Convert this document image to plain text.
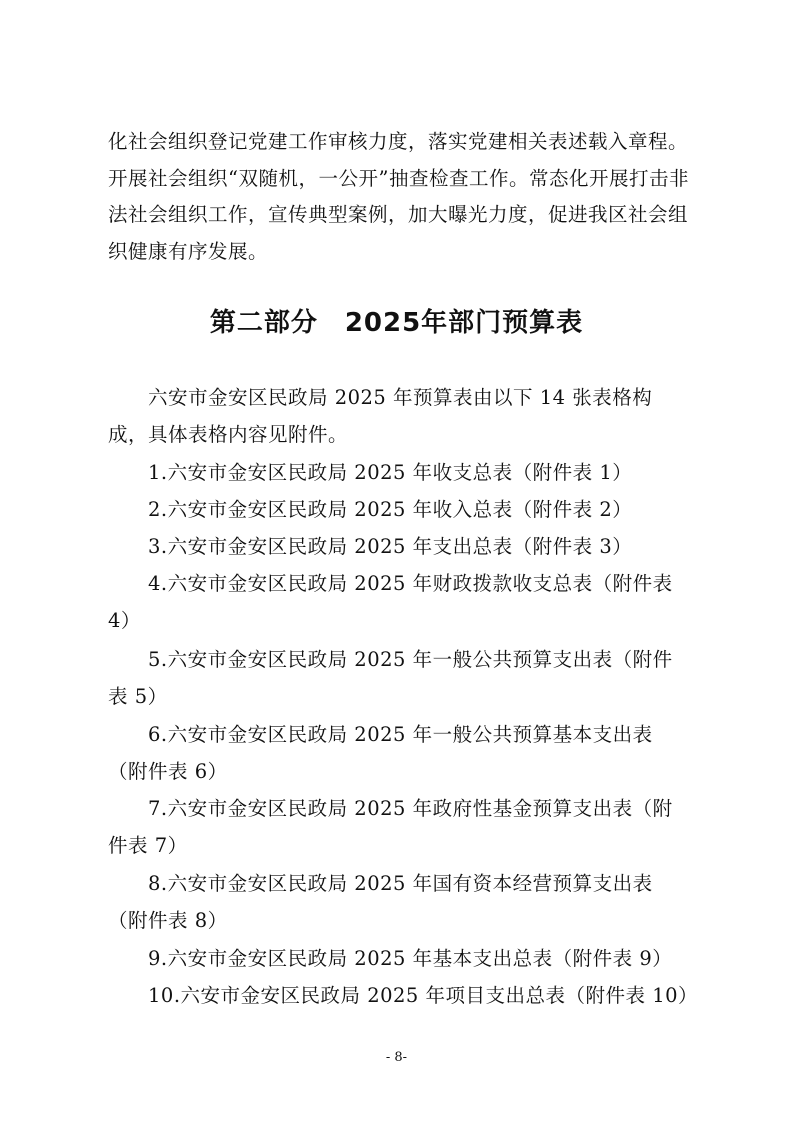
化社会组织登记党建工作审核力度，落实党建相关表述载入章程。开展社会组织“双随机，一公开”抽查检查工作。常态化开展打击非法社会组织工作，宣传典型案例，加大曝光力度，促进我区社会组织健康有序发展。

第二部分　2025年部门预算表

六安市金安区民政局 2025 年预算表由以下 14 张表格构成，具体表格内容见附件。

1.六安市金安区民政局 2025 年收支总表（附件表 1）

2.六安市金安区民政局 2025 年收入总表（附件表 2）

3.六安市金安区民政局 2025 年支出总表（附件表 3）

4.六安市金安区民政局 2025 年财政拨款收支总表（附件表 4）

5.六安市金安区民政局 2025 年一般公共预算支出表（附件表 5）

6.六安市金安区民政局 2025 年一般公共预算基本支出表（附件表 6）

7.六安市金安区民政局 2025 年政府性基金预算支出表（附件表 7）

8.六安市金安区民政局 2025 年国有资本经营预算支出表（附件表 8）

9.六安市金安区民政局 2025 年基本支出总表（附件表 9）

10.六安市金安区民政局 2025 年项目支出总表（附件表 10）

- 8-
